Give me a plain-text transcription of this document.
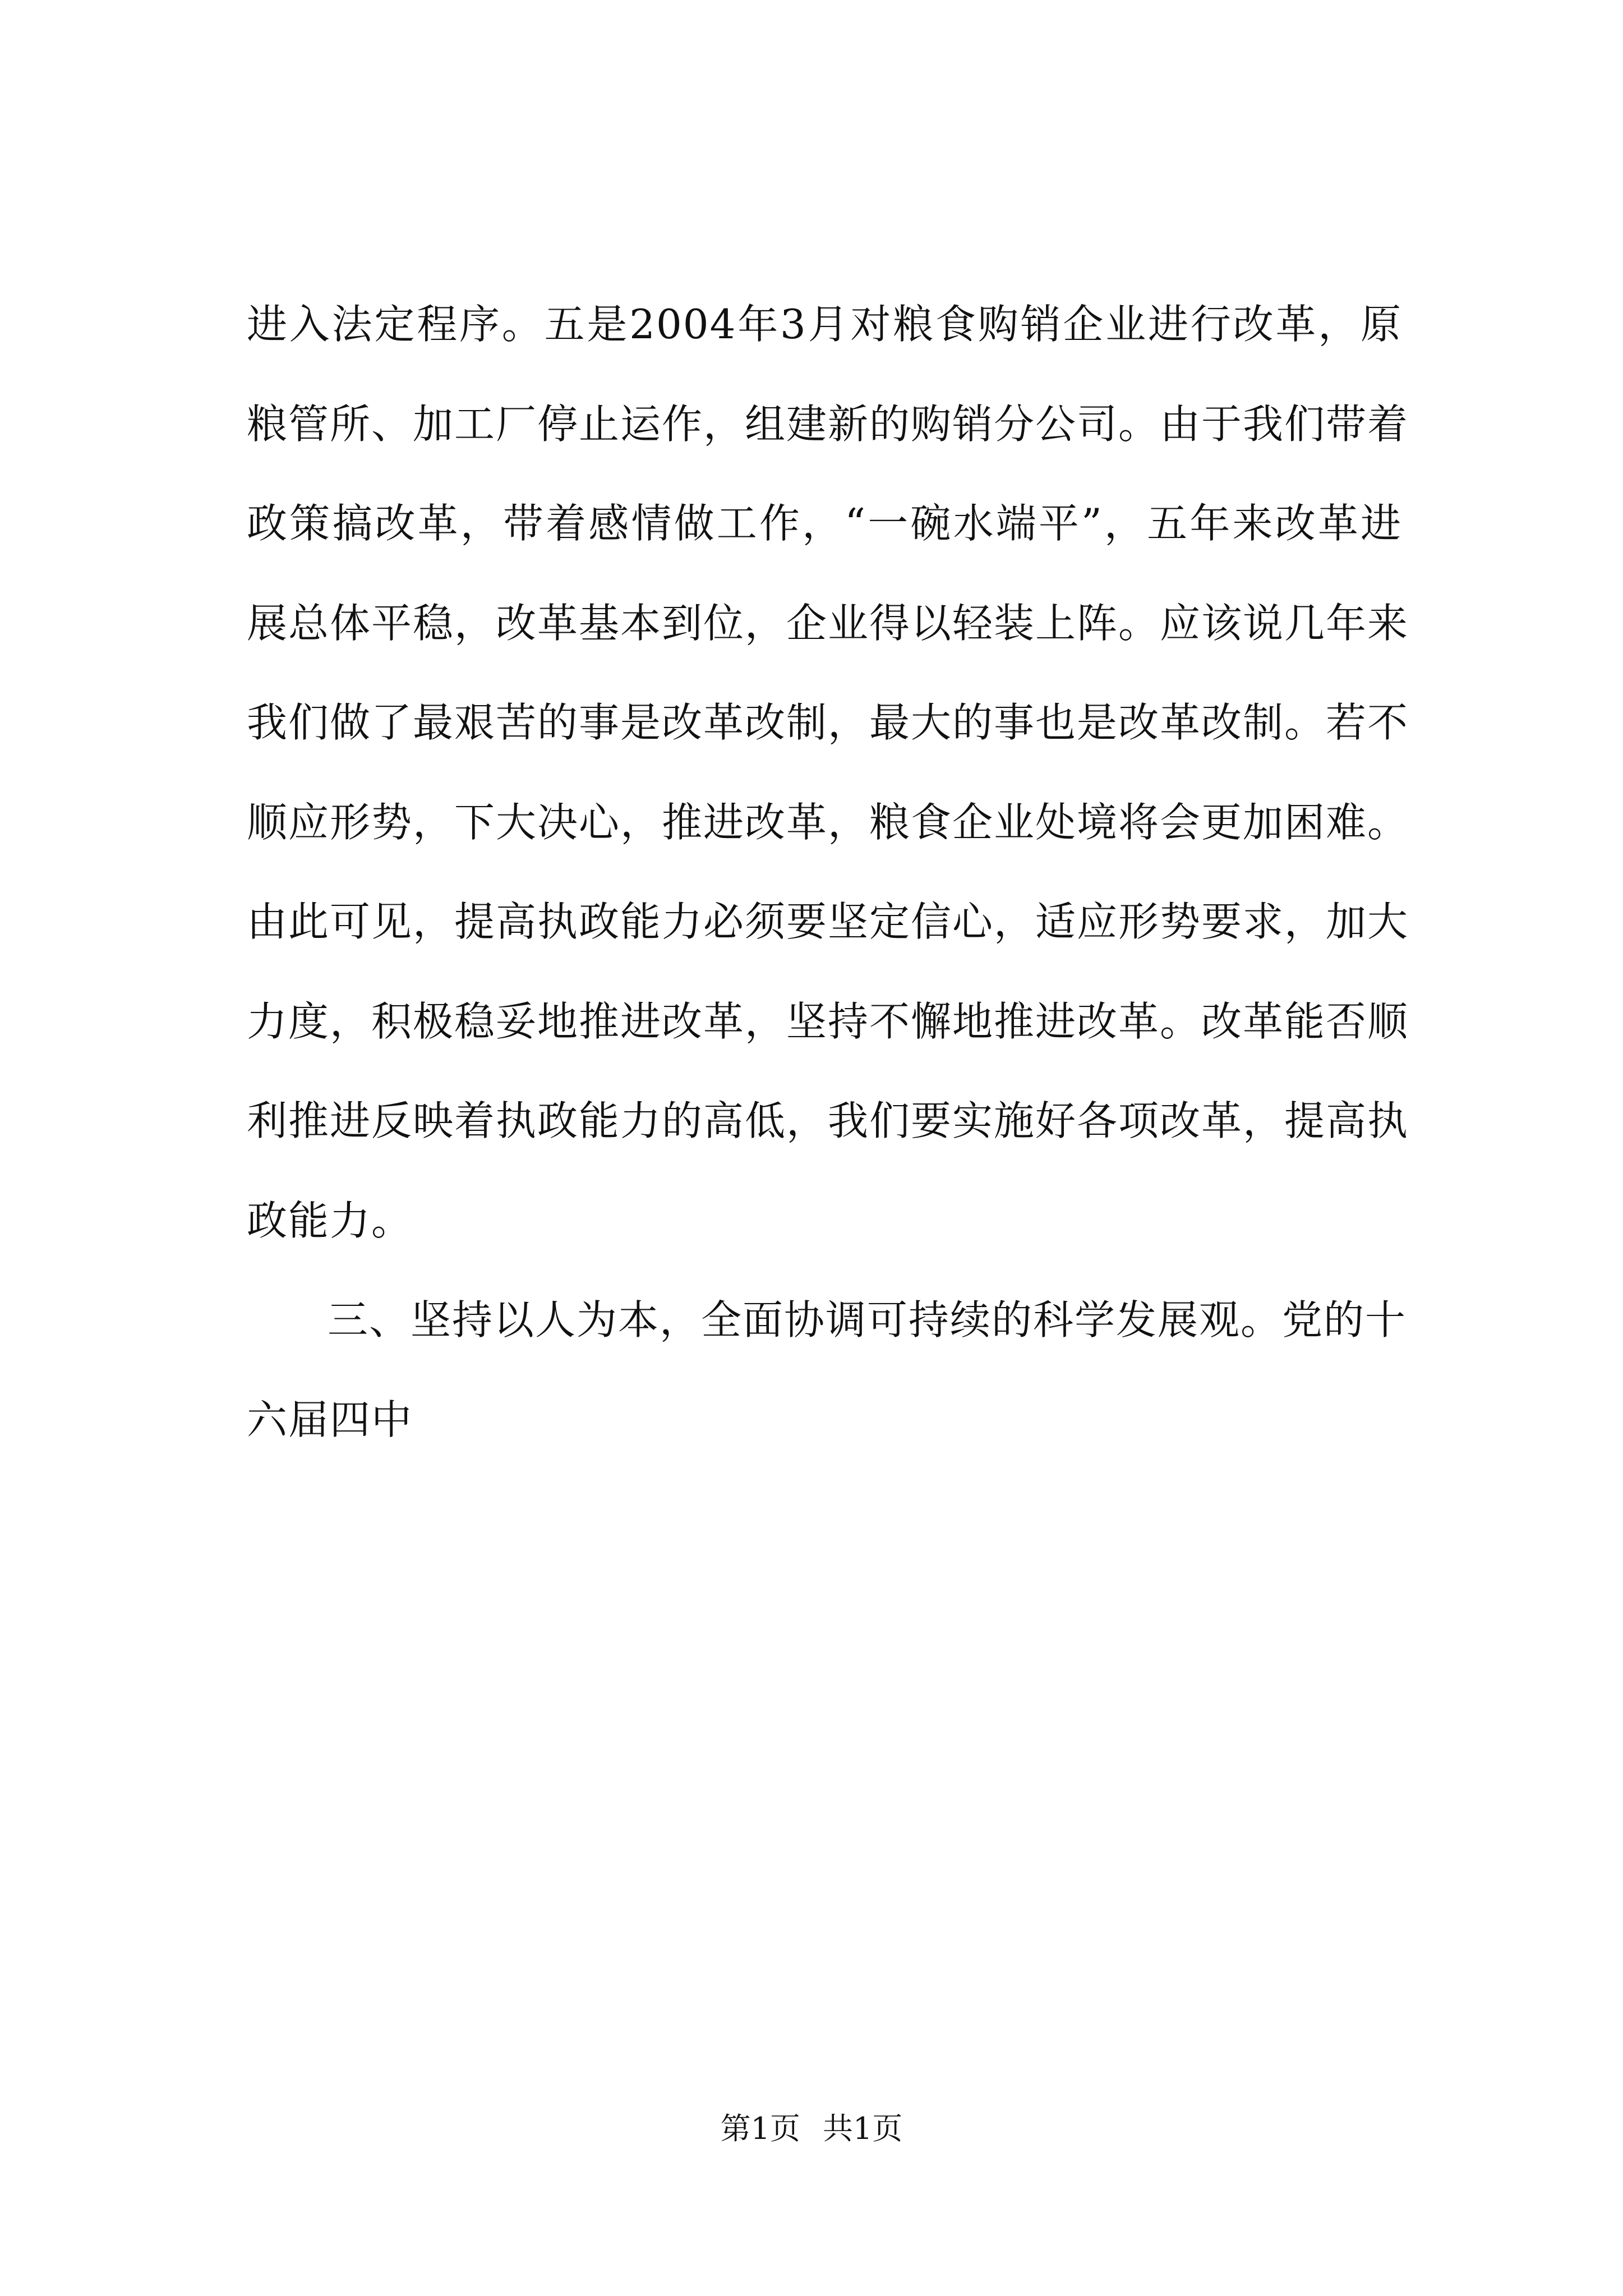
进入法定程序。五是2004年3月对粮食购销企业进行改革，原
粮管所、加工厂停止运作，组建新的购销分公司。由于我们带着
政策搞改革，带着感情做工作，“一碗水端平”，五年来改革进
展总体平稳，改革基本到位，企业得以轻装上阵。应该说几年来
我们做了最艰苦的事是改革改制，最大的事也是改革改制。若不
顺应形势，下大决心，推进改革，粮食企业处境将会更加困难。
由此可见，提高执政能力必须要坚定信心，适应形势要求，加大
力度，积极稳妥地推进改革，坚持不懈地推进改革。改革能否顺
利推进反映着执政能力的高低，我们要实施好各项改革，提高执
政能力。
三、坚持以人为本，全面协调可持续的科学发展观。党的十
六届四中
第1页 共1页
